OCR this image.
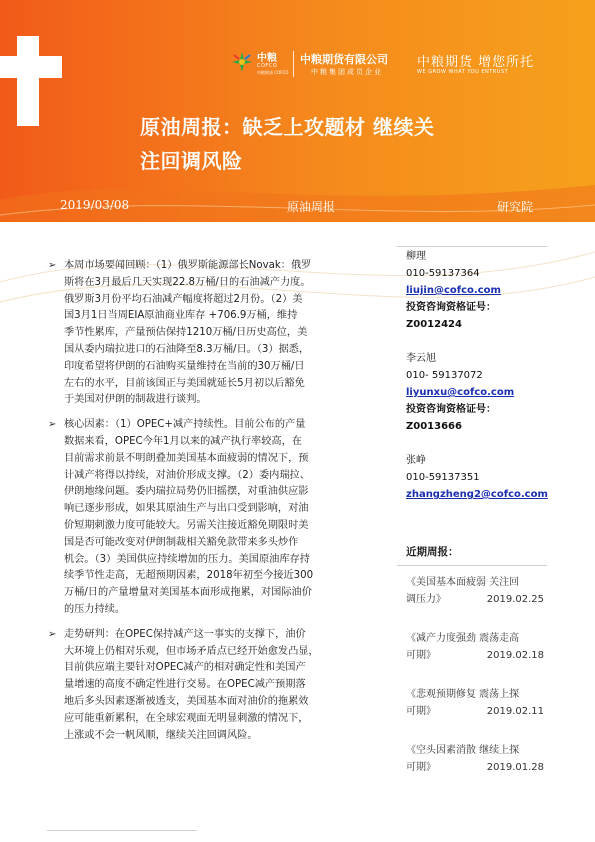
中粮
COFCO
中粮期货 COFCO
中粮期货有限公司
中粮集团成员企业
中粮期货 增您所托
WE GROW WHAT YOU ENTRUST
原油周报：缺乏上攻题材 继续关
注回调风险
2019/03/08	原油周报	研究院
➢ 本周市场要闻回顾：（1）俄罗斯能源部长Novak：俄罗
斯将在3月最后几天实现22.8万桶/日的石油减产力度。
俄罗斯3月份平均石油减产幅度将超过2月份。（2）美
国3月1日当周EIA原油商业库存 +706.9万桶，维持
季节性累库，产量预估保持1210万桶/日历史高位，美
国从委内瑞拉进口的石油降至8.3万桶/日。（3）据悉，
印度希望将伊朗的石油购买量维持在当前的30万桶/日
左右的水平，目前该国正与美国就延长5月初以后豁免
于美国对伊朗的制裁进行谈判。
➢ 核心因素：（1）OPEC+减产持续性。目前公布的产量
数据来看，OPEC今年1月以来的减产执行率较高，在
目前需求前景不明朗叠加美国基本面疲弱的情况下，预
计减产将得以持续，对油价形成支撑。（2）委内瑞拉、
伊朗地缘问题。委内瑞拉局势仍旧摇摆，对重油供应影
响已逐步形成，如果其原油生产与出口受到影响，对油
价短期刺激力度可能较大。另需关注接近豁免期限时美
国是否可能改变对伊朗制裁相关豁免款带来多头炒作
机会。（3）美国供应持续增加的压力。美国原油库存持
续季节性走高，无超预期因素，2018年初至今接近300
万桶/日的产量增量对美国基本面形成拖累，对国际油价
的压力持续。
➢ 走势研判：在OPEC保持减产这一事实的支撑下，油价
大环境上仍相对乐观，但市场矛盾点已经开始愈发凸显，
目前供应端主要针对OPEC减产的相对确定性和美国产
量增速的高度不确定性进行交易。在OPEC减产预期落
地后多头因素逐渐被透支，美国基本面对油价的拖累效
应可能重新累积，在全球宏观面无明显刺激的情况下，
上涨或不会一帆风顺，继续关注回调风险。
柳理
010-59137364
liujin@cofco.com
投资咨询资格证号：
Z0012424
李云旭
010- 59137072
liyunxu@cofco.com
投资咨询资格证号：
Z0013666
张峥
010-59137351
zhangzheng2@cofco.com
近期周报：
《美国基本面疲弱 关注回
调压力》	2019.02.25
《减产力度强劲 震荡走高
可期》	2019.02.18
《悲观预期修复 震荡上探
可期》	2019.02.11
《空头因素消散 继续上探
可期》	2019.01.28
